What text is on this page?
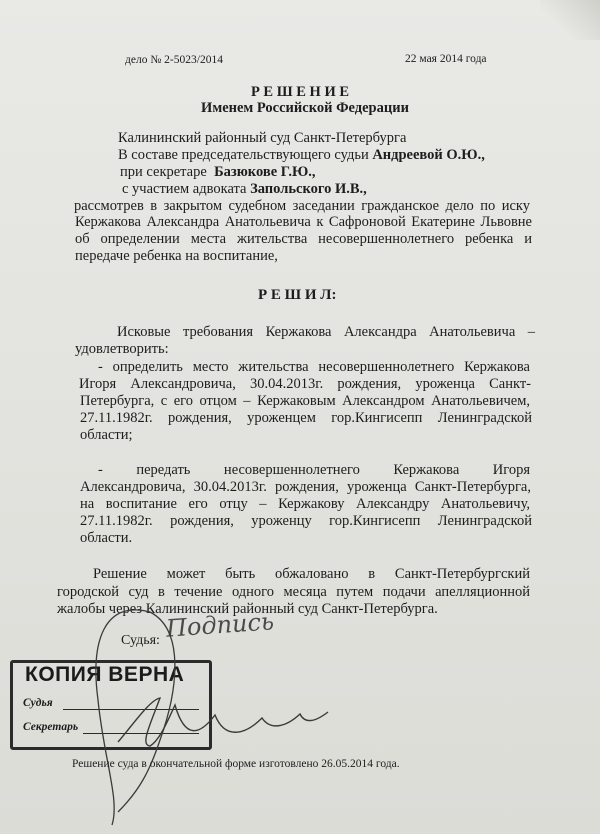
дело № 2-5023/2014	22 мая 2014 года
Р Е Ш Е Н И Е
Именем Российской Федерации
Калининский районный суд Санкт-Петербурга
В составе председательствующего судьи Андреевой О.Ю.,
при секретаре Базюкове Г.Ю.,
с участием адвоката Запольского И.В.,
рассмотрев в закрытом судебном заседании гражданское дело по иску
Кержакова Александра Анатольевича к Сафроновой Екатерине Львовне
об определении места жительства несовершеннолетнего ребенка и
передаче ребенка на воспитание,
Р Е Ш И Л:
Исковые требования Кержакова Александра Анатольевича –
удовлетворить:
- определить место жительства несовершеннолетнего Кержакова
Игоря Александровича, 30.04.2013г. рождения, уроженца Санкт-
Петербурга, с его отцом – Кержаковым Александром Анатольевичем,
27.11.1982г. рождения, уроженцем гор.Кингисепп Ленинградской
области;
- передать несовершеннолетнего Кержакова Игоря
Александровича, 30.04.2013г. рождения, уроженца Санкт-Петербурга,
на воспитание его отцу – Кержакову Александру Анатольевичу,
27.11.1982г. рождения, уроженцу гор.Кингисепп Ленинградской
области.
Решение может быть обжаловано в Санкт-Петербургский
городской суд в течение одного месяца путем подачи апелляционной
жалобы через Калининский районный суд Санкт-Петербурга.
Судья: Подпись
КОПИЯ ВЕРНА
Судья
Секретарь
Решение суда в окончательной форме изготовлено 26.05.2014 года.
